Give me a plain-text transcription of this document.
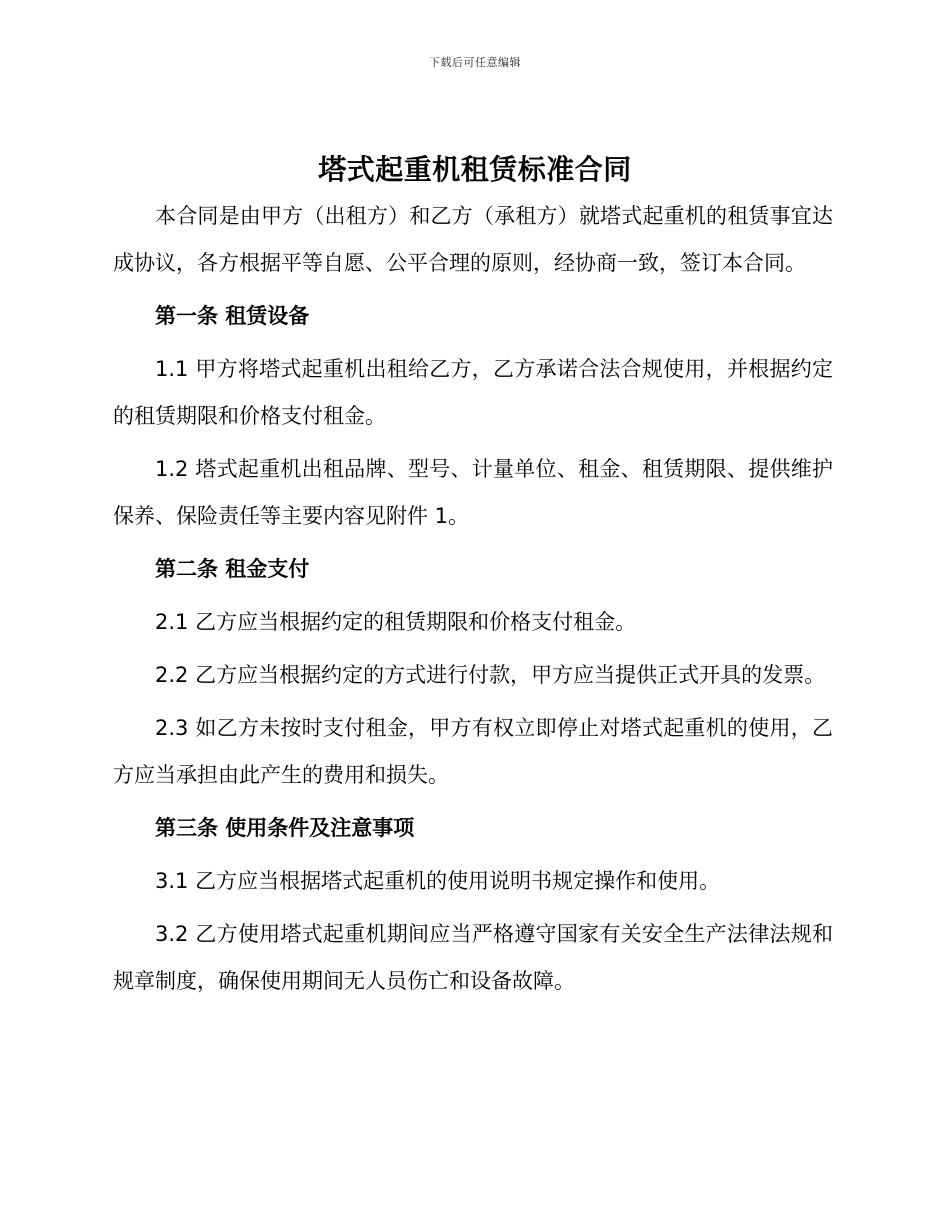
下载后可任意编辑
塔式起重机租赁标准合同

本合同是由甲方（出租方）和乙方（承租方）就塔式起重机的租赁事宜达成协议，各方根据平等自愿、公平合理的原则，经协商一致，签订本合同。

第一条 租赁设备

1.1 甲方将塔式起重机出租给乙方，乙方承诺合法合规使用，并根据约定的租赁期限和价格支付租金。

1.2 塔式起重机出租品牌、型号、计量单位、租金、租赁期限、提供维护保养、保险责任等主要内容见附件 1。

第二条 租金支付

2.1 乙方应当根据约定的租赁期限和价格支付租金。

2.2 乙方应当根据约定的方式进行付款，甲方应当提供正式开具的发票。

2.3 如乙方未按时支付租金，甲方有权立即停止对塔式起重机的使用，乙方应当承担由此产生的费用和损失。

第三条 使用条件及注意事项

3.1 乙方应当根据塔式起重机的使用说明书规定操作和使用。

3.2 乙方使用塔式起重机期间应当严格遵守国家有关安全生产法律法规和规章制度，确保使用期间无人员伤亡和设备故障。
